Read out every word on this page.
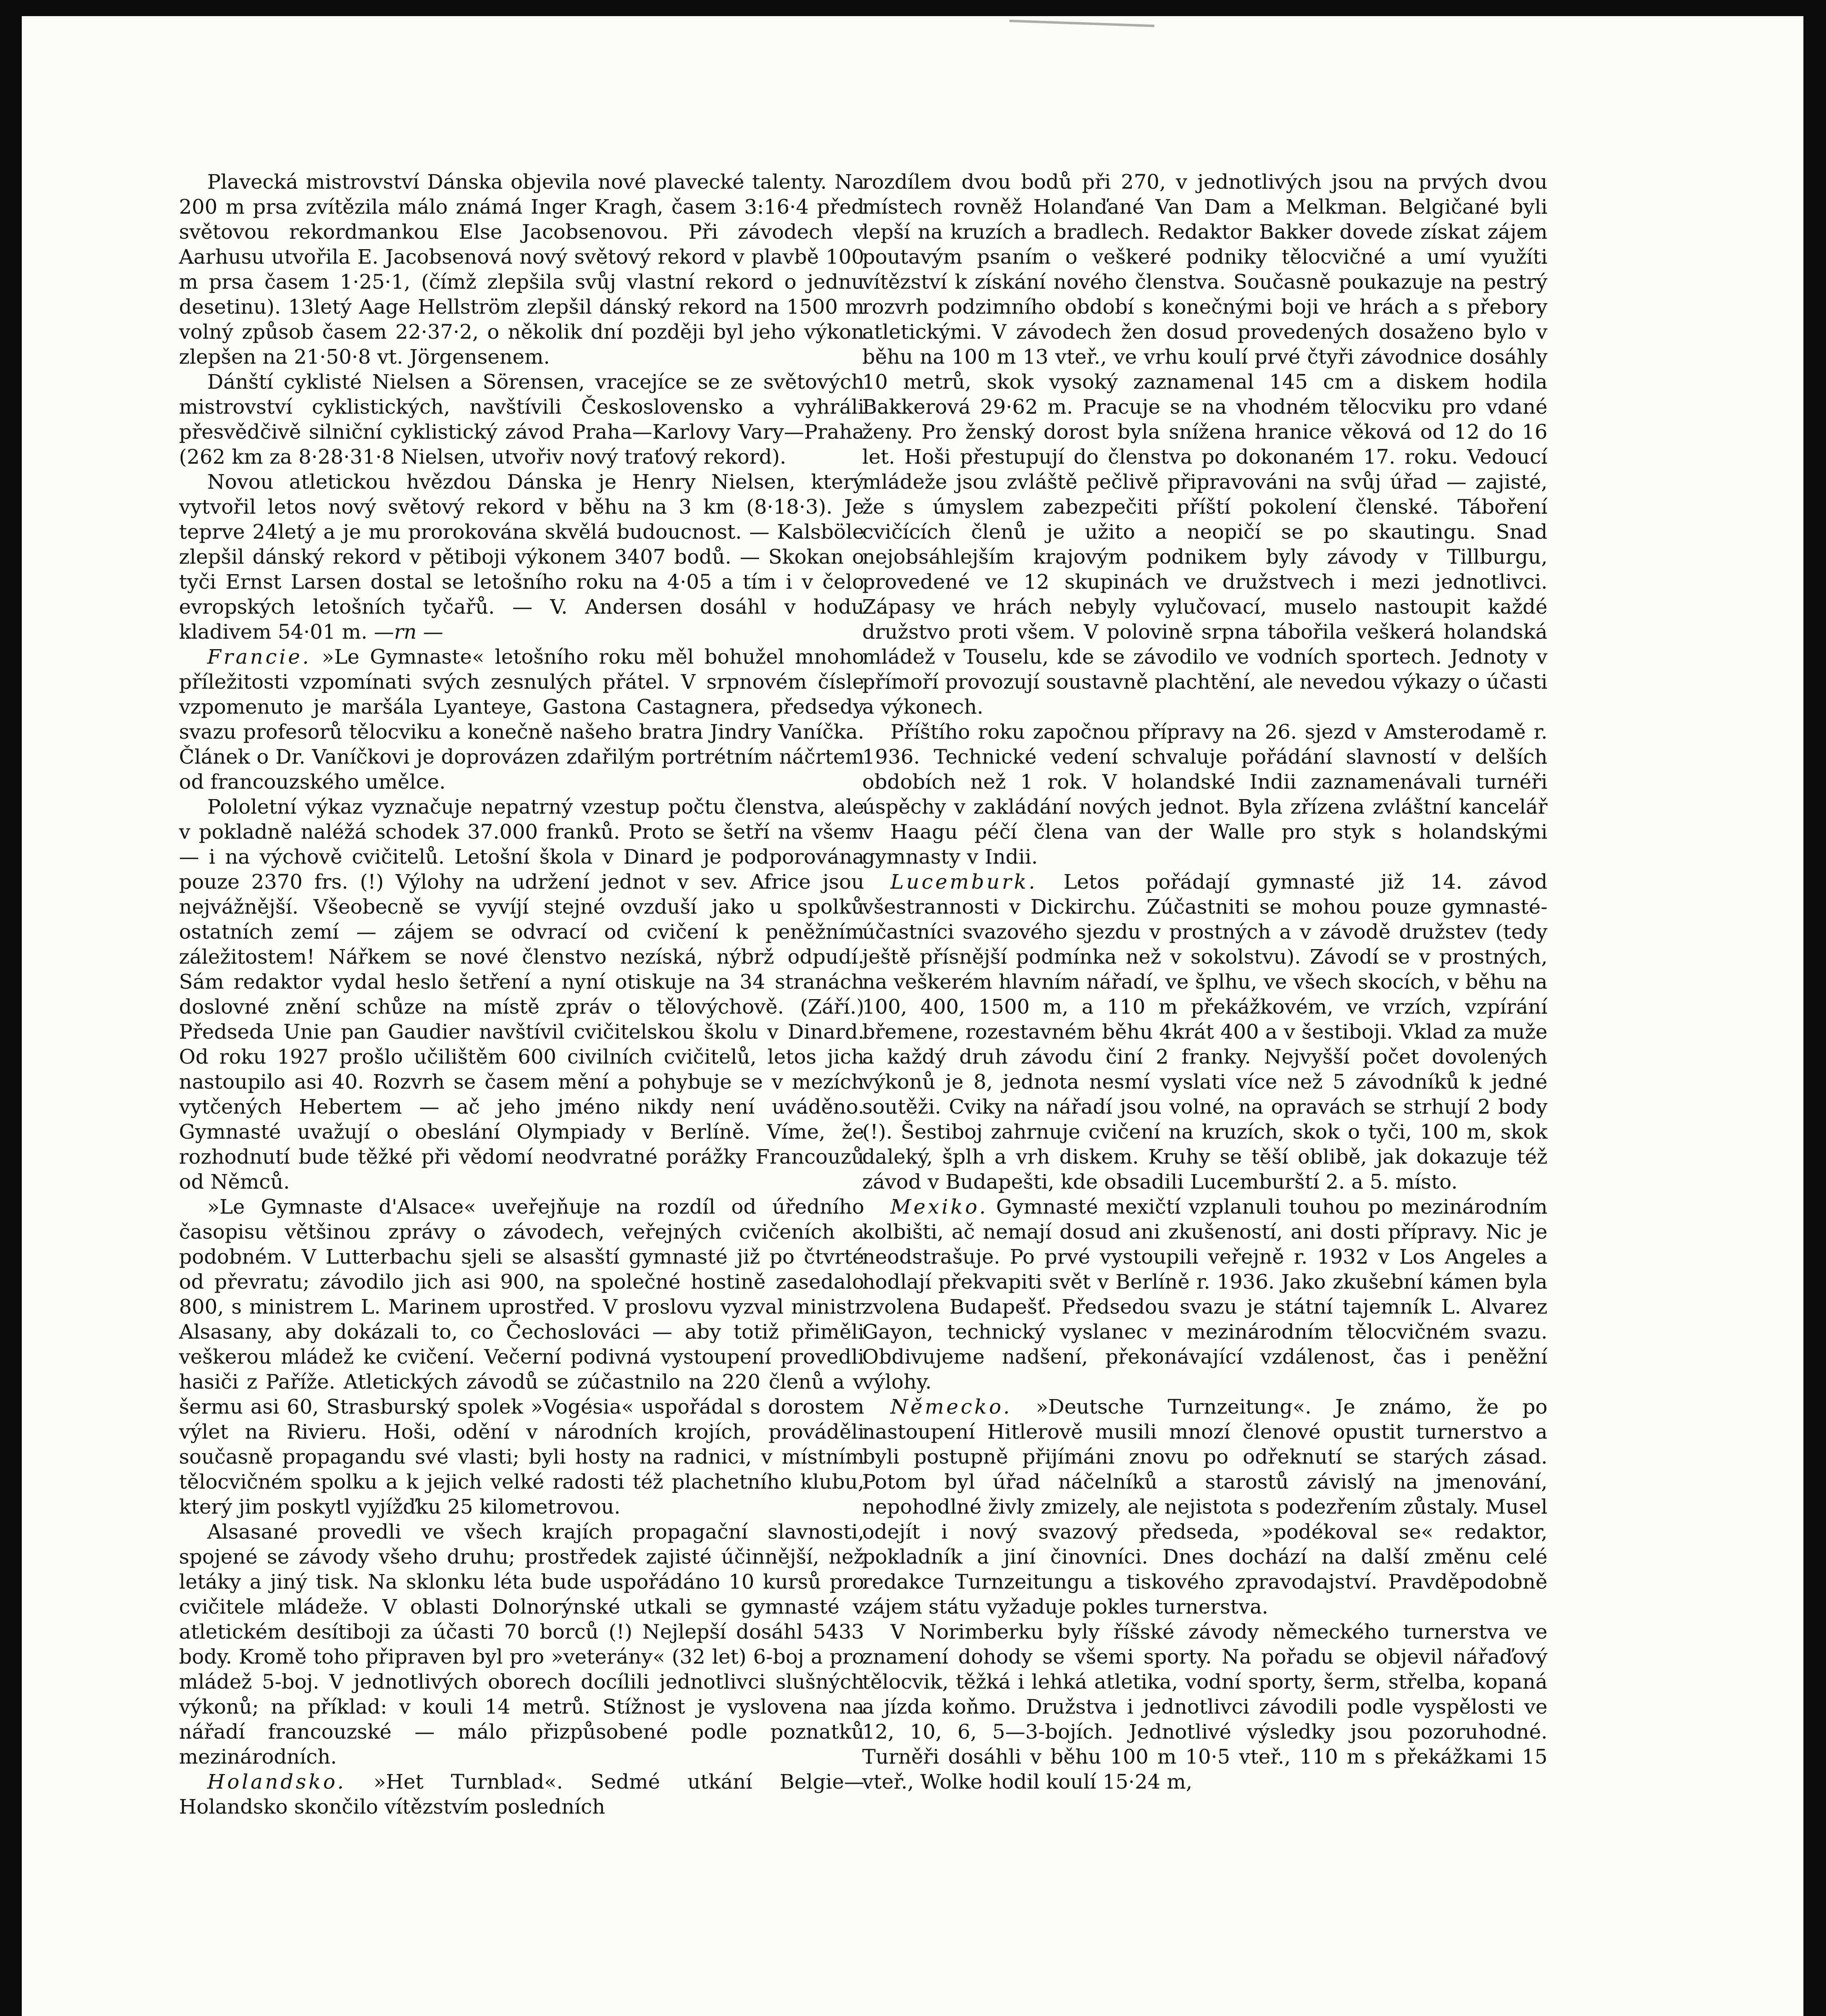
Plavecká mistrovství Dánska objevila nové plavecké talenty. Na 200 m prsa zvítězila málo známá Inger Kragh, časem 3:16·4 před světovou rekordmankou Else Jacobsenovou. Při závodech v Aarhusu utvořila E. Jacobsenová nový světový rekord v plavbě 100 m prsa časem 1·25·1, (čímž zlepšila svůj vlastní rekord o jednu desetinu). 13letý Aage Hellström zlepšil dánský rekord na 1500 m volný způsob časem 22·37·2, o několik dní později byl jeho výkon zlepšen na 21·50·8 vt. Jörgensenem.

Dánští cyklisté Nielsen a Sörensen, vracejíce se ze světových mistrovství cyklistických, navštívili Československo a vyhráli přesvědčivě silniční cyklistický závod Praha—Karlovy Vary—Praha (262 km za 8·28·31·8 Nielsen, utvořiv nový traťový rekord).

Novou atletickou hvězdou Dánska je Henry Nielsen, který vytvořil letos nový světový rekord v běhu na 3 km (8·18·3). Je teprve 24letý a je mu prorokována skvělá budoucnost. — Kalsböle zlepšil dánský rekord v pětiboji výkonem 3407 bodů. — Skokan o tyči Ernst Larsen dostal se letošního roku na 4·05 a tím i v čelo evropských letošních tyčařů. — V. Andersen dosáhl v hodu kladivem 54·01 m. —rn —

Francie. »Le Gymnaste« letošního roku měl bohužel mnoho příležitosti vzpomínati svých zesnulých přátel. V srpnovém čísle vzpomenuto je maršála Lyanteye, Gastona Castagnera, předsedy svazu profesorů tělocviku a konečně našeho bratra Jindry Vaníčka. Článek o Dr. Vaníčkovi je doprovázen zdařilým portrétním náčrtem od francouzského umělce.

Pololetní výkaz vyznačuje nepatrný vzestup počtu členstva, ale v pokladně naléžá schodek 37.000 franků. Proto se šetří na všem — i na výchově cvičitelů. Letošní škola v Dinard je podporována pouze 2370 frs. (!) Výlohy na udržení jednot v sev. Africe jsou nejvážnější. Všeobecně se vyvíjí stejné ovzduší jako u spolků ostatních zemí — zájem se odvrací od cvičení k peněžním záležitostem! Nářkem se nové členstvo nezíská, nýbrž odpudí. Sám redaktor vydal heslo šetření a nyní otiskuje na 34 stranách doslovné znění schůze na místě zpráv o tělovýchově. (Září.) Předseda Unie pan Gaudier navštívil cvičitelskou školu v Dinard. Od roku 1927 prošlo učilištěm 600 civilních cvičitelů, letos jich nastoupilo asi 40. Rozvrh se časem mění a pohybuje se v mezích vytčených Hebertem — ač jeho jméno nikdy není uváděno. Gymnasté uvažují o obeslání Olympiady v Berlíně. Víme, že rozhodnutí bude těžké při vědomí neodvratné porážky Francouzů od Němců.

»Le Gymnaste d'Alsace« uveřejňuje na rozdíl od úředního časopisu většinou zprávy o závodech, veřejných cvičeních a podobném. V Lutterbachu sjeli se alsasští gymnasté již po čtvrté od převratu; závodilo jich asi 900, na společné hostině zasedalo 800, s ministrem L. Marinem uprostřed. V proslovu vyzval ministr Alsasany, aby dokázali to, co Čechoslováci — aby totiž přiměli veškerou mládež ke cvičení. Večerní podivná vystoupení provedli hasiči z Paříže. Atletických závodů se zúčastnilo na 220 členů a v šermu asi 60, Strasburský spolek »Vogésia« uspořádal s dorostem výlet na Rivieru. Hoši, odění v národních krojích, prováděli současně propagandu své vlasti; byli hosty na radnici, v místním tělocvičném spolku a k jejich velké radosti též plachetního klubu, který jim poskytl vyjížďku 25 kilometrovou.

Alsasané provedli ve všech krajích propagační slavnosti, spojené se závody všeho druhu; prostředek zajisté účinnější, než letáky a jiný tisk. Na sklonku léta bude uspořádáno 10 kursů pro cvičitele mládeže. V oblasti Dolnorýnské utkali se gymnasté v atletickém desítiboji za účasti 70 borců (!) Nejlepší dosáhl 5433 body. Kromě toho připraven byl pro »veterány« (32 let) 6-boj a pro mládež 5-boj. V jednotlivých oborech docílili jednotlivci slušných výkonů; na příklad: v kouli 14 metrů. Stížnost je vyslovena na nářadí francouzské — málo přizpůsobené podle poznatků mezinárodních.

Holandsko. »Het Turnblad«. Sedmé utkání Belgie—Holandsko skončilo vítězstvím posledních

rozdílem dvou bodů při 270, v jednotlivých jsou na prvých dvou místech rovněž Holanďané Van Dam a Melkman. Belgičané byli lepší na kruzích a bradlech. Redaktor Bakker dovede získat zájem poutavým psaním o veškeré podniky tělocvičné a umí využíti vítězství k získání nového členstva. Současně poukazuje na pestrý rozvrh podzimního období s konečnými boji ve hrách a s přebory atletickými. V závodech žen dosud provedených dosaženo bylo v běhu na 100 m 13 vteř., ve vrhu koulí prvé čtyři závodnice dosáhly 10 metrů, skok vysoký zaznamenal 145 cm a diskem hodila Bakkerová 29·62 m. Pracuje se na vhodném tělocviku pro vdané ženy. Pro ženský dorost byla snížena hranice věková od 12 do 16 let. Hoši přestupují do členstva po dokonaném 17. roku. Vedoucí mládeže jsou zvláště pečlivě připravováni na svůj úřad — zajisté, že s úmyslem zabezpečiti příští pokolení členské. Táboření cvičících členů je užito a neopičí se po skautingu. Snad nejobsáhlejším krajovým podnikem byly závody v Tillburgu, provedené ve 12 skupinách ve družstvech i mezi jednotlivci. Zápasy ve hrách nebyly vylučovací, muselo nastoupit každé družstvo proti všem. V polovině srpna tábořila veškerá holandská mládež v Touselu, kde se závodilo ve vodních sportech. Jednoty v přímoří provozují soustavně plachtění, ale nevedou výkazy o účasti a výkonech.

Příštího roku započnou přípravy na 26. sjezd v Amsterodamě r. 1936. Technické vedení schvaluje pořádání slavností v delších obdobích než 1 rok. V holandské Indii zaznamenávali turnéři úspěchy v zakládání nových jednot. Byla zřízena zvláštní kancelář v Haagu péčí člena van der Walle pro styk s holandskými gymnasty v Indii.

Lucemburk. Letos pořádají gymnasté již 14. závod všestrannosti v Dickirchu. Zúčastniti se mohou pouze gymnasté-účastníci svazového sjezdu v prostných a v závodě družstev (tedy ještě přísnější podmínka než v sokolstvu). Závodí se v prostných, na veškerém hlavním nářadí, ve šplhu, ve všech skocích, v běhu na 100, 400, 1500 m, a 110 m překážkovém, ve vrzích, vzpírání břemene, rozestavném běhu 4krát 400 a v šestiboji. Vklad za muže a každý druh závodu činí 2 franky. Nejvyšší počet dovolených výkonů je 8, jednota nesmí vyslati více než 5 závodníků k jedné soutěži. Cviky na nářadí jsou volné, na opravách se strhují 2 body (!). Šestiboj zahrnuje cvičení na kruzích, skok o tyči, 100 m, skok daleký, šplh a vrh diskem. Kruhy se těší oblibě, jak dokazuje též závod v Budapešti, kde obsadili Lucemburští 2. a 5. místo.

Mexiko. Gymnasté mexičtí vzplanuli touhou po mezinárodním kolbišti, ač nemají dosud ani zkušeností, ani dosti přípravy. Nic je neodstrašuje. Po prvé vystoupili veřejně r. 1932 v Los Angeles a hodlají překvapiti svět v Berlíně r. 1936. Jako zkušební kámen byla zvolena Budapešť. Předsedou svazu je státní tajemník L. Alvarez Gayon, technický vyslanec v mezinárodním tělocvičném svazu. Obdivujeme nadšení, překonávající vzdálenost, čas i peněžní výlohy.

Německo. »Deutsche Turnzeitung«. Je známo, že po nastoupení Hitlerově musili mnozí členové opustit turnerstvo a byli postupně přijímáni znovu po odřeknutí se starých zásad. Potom byl úřad náčelníků a starostů závislý na jmenování, nepohodlné živly zmizely, ale nejistota s podezřením zůstaly. Musel odejít i nový svazový předseda, »podékoval se« redaktor, pokladník a jiní činovníci. Dnes dochází na další změnu celé redakce Turnzeitungu a tiskového zpravodajství. Pravděpodobně zájem státu vyžaduje pokles turnerstva.

V Norimberku byly říšské závody německého turnerstva ve znamení dohody se všemi sporty. Na pořadu se objevil nářaďový tělocvik, těžká i lehká atletika, vodní sporty, šerm, střelba, kopaná a jízda koňmo. Družstva i jednotlivci závodili podle vyspělosti ve 12, 10, 6, 5—3-bojích. Jednotlivé výsledky jsou pozoruhodné. Turněři dosáhli v běhu 100 m 10·5 vteř., 110 m s překážkami 15 vteř., Wolke hodil koulí 15·24 m,
